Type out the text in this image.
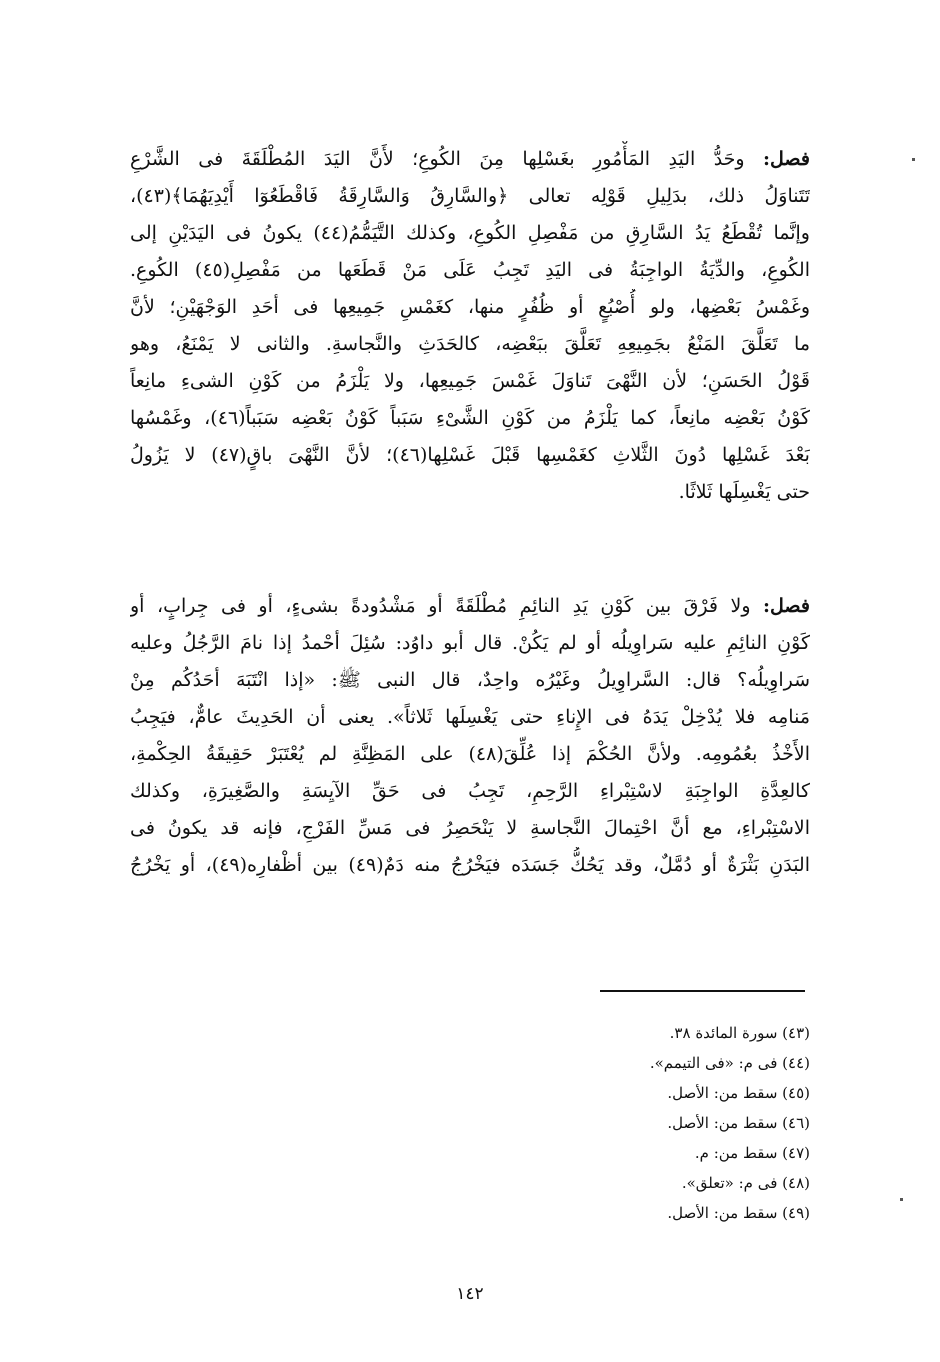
فصل: وحَدُّ اليَدِ المَأْمُورِ بغَسْلِها مِنَ الكُوعِ؛ لأَنَّ اليَدَ المُطْلَقَةَ فى الشَّرْعِ
تَتَناوَلُ ذلك، بدَلِيلِ قَوْلِه تعالى ﴿والسَّارِقُ وَالسَّارِقَةُ فَاقْطَعُوٓا أَيْدِيَهُمَا﴾(٤٣)،
وإنَّما تُقْطَعُ يَدُ السَّارِقِ من مَفْصِلِ الكُوعِ، وكذلك التَّيَمُّمُ(٤٤) يكونُ فى اليَدَيْنِ إلى
الكُوعِ، والدِّيَةُ الواجِبَةُ فى اليَدِ تَجِبُ عَلَى مَنْ قَطَعَها من مَفْصِلِ(٤٥) الكُوعِ.
وغَمْسُ بَعْضِها، ولو أُصْبُعٍ أو ظُفُرٍ منها، كغَمْسِ جَمِيعِها فى أحَدِ الوَجْهَيْنِ؛ لأنَّ
ما تَعَلَّقَ المَنْعُ بجَمِيعِهِ تَعَلَّقَ ببَعْضِه، كالحَدَثِ والنَّجاسةِ. والثانى لا يَمْنَعُ، وهو
قَوْلُ الحَسَنِ؛ لأن النَّهْىَ تَناوَلَ غَمْسَ جَمِيعِها، ولا يَلْزَمُ من كَوْنِ الشىءِ مانِعاً
كَوْنُ بَعْضِه مانِعاً، كما يَلْزَمُ من كَوْنِ الشَّىْءِ سَبَباً كَوْنُ بَعْضِه سَبَباً(٤٦)، وغَمْسُها
بَعْدَ غَسْلِها دُونَ الثَّلاثِ كغَمْسِها قَبْلَ غَسْلِها(٤٦)؛ لأنَّ النَّهْىَ باقٍ(٤٧) لا يَزُولُ
حتى يَغْسِلَها ثَلاثًا.
فصل: ولا فَرْقَ بين كَوْنِ يَدِ النائِمِ مُطْلَقَةً أو مَشْدُودةً بشىءٍ، أو فى جِرابٍ، أو
كَوْنِ النائِمِ عليه سَراوِيلُه أو لم يَكُنْ. قال أبو داوُد: سُئِلَ أحْمدُ إذا نامَ الرَّجُلُ وعليه
سَراوِيلُه؟ قال: السَّراوِيلُ وغَيْرُه واحِدٌ، قال النبى ﷺ: «إذا انْتَبَهَ أحَدُكُم مِنْ
مَنامِه فلا يُدْخِلْ يَدَهُ فى الإِناءِ حتى يَغْسِلَها ثَلاثاً». يعنى أن الحَدِيثَ عامٌّ، فيَجِبُ
الأَخْذُ بعُمُومِه. ولأنَّ الحُكْمَ إذا عُلِّقَ(٤٨) على المَظِنَّةِ لم يُعْتَبَرْ حَقِيقَةُ الحِكْمةِ،
كالعِدَّةِ الواجِبَةِ لاسْتِبْراءِ الرَّحِمِ، تَجِبُ فى حَقِّ الآيِسَةِ والصَّغِيرَةِ، وكذلك
الاسْتِبْراءِ، مع أنَّ احْتِمالَ النَّجاسةِ لا يَنْحَصِرُ فى مَسِّ الفَرْجِ، فإنه قد يكونُ فى
البَدَنِ بَثْرَةٌ أو دُمَّلٌ، وقد يَحُكُّ جَسَدَه فيَخْرُجُ منه دَمٌ(٤٩) بين أظْفارِه(٤٩)، أو يَخْرُجُ
(٤٣) سورة المائدة ٣٨.
(٤٤) فى م: «فى التيمم».
(٤٥) سقط من: الأصل.
(٤٦) سقط من: الأصل.
(٤٧) سقط من: م.
(٤٨) فى م: «تعلق».
(٤٩) سقط من: الأصل.
١٤٢
